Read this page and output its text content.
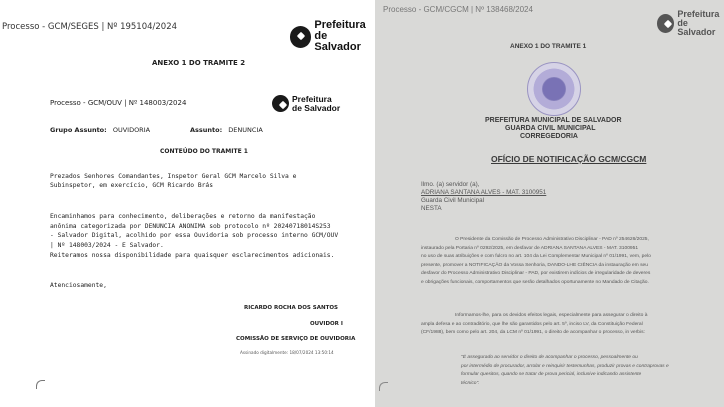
Processo - GCM/SEGES | Nº 195104/2024	Prefeitura
de Salvador
ANEXO 1 DO TRAMITE 2
Processo - GCM/OUV | Nº 148003/2024	Prefeitura
de Salvador
Grupo Assunto: OUVIDORIA	Assunto: DENUNCIA
CONTEÚDO DO TRAMITE 1
Prezados Senhores Comandantes, Inspetor Geral GCM Marcelo Silva e
Subinspetor, em exercício, GCM Ricardo Brás
Encaminhamos para conhecimento, deliberações e retorno da manifestação
anônima categorizada por DENUNCIA ANONIMA sob protocolo nº 20240718014S253
- Salvador Digital, acolhido por essa Ouvidoria sob processo interno GCM/OUV
| Nº 148003/2024 - E Salvador.
Reiteramos nossa disponibilidade para quaisquer esclarecimentos adicionais.
Atenciosamente,
RICARDO ROCHA DOS SANTOS
OUVIDOR I
COMISSÃO DE SERVIÇO DE OUVIDORIA
Assinado digitalmente: 18/07/2024 13:50:14
Processo - GCM/CGCM | Nº 138468/2024	Prefeitura
de Salvador
ANEXO 1 DO TRAMITE 1
PREFEITURA MUNICIPAL DE SALVADOR
GUARDA CIVIL MUNICIPAL
CORREGEDORIA
OFÍCIO DE NOTIFICAÇÃO GCM/CGCM
Ilmo. (a) servidor (a),
ADRIANA SANTANA ALVES - MAT. 3100951
Guarda Civil Municipal
NESTA
O Presidente da Comissão de Processo Administrativo Disciplinar - PAD nº 254626/2025,
instaurado pela Portaria nº 0292/2025, em desfavor de ADRIANA SANTANA ALVES - MAT. 3100951
no uso de suas atribuições e com fulcro no art. 104 da Lei Complementar Municipal nº 01/1991, vem, pelo
presente, promover a NOTIFICAÇÃO da Vossa Senhoria, DANDO-LHE CIÊNCIA da instauração em seu
desfavor do Processo Administrativo Disciplinar - PAD, por existirem indícios de irregularidade de deveres
e obrigações funcionais, comportamentos que serão detalhados oportunamente no Mandado de Citação.
Informamos-lhe, para os devidos efeitos legais, especialmente para assegurar o direito à
ampla defesa e ao contraditório, que lhe são garantidos pelo art. 5º, inciso LV, da Constituição Federal
(CF/1988), bem como pelo art. 204, da LCM nº 01/1991, o direito de acompanhar o processo, in verbis:
"É assegurado ao servidor o direito de acompanhar o processo, pessoalmente ou
por intermédio de procurador, arrolar e reinquirir testemunhas, produzir provas e contraprovas e
formular quesitos, quando se tratar de prova pericial, inclusive indicando assistente
técnico".
